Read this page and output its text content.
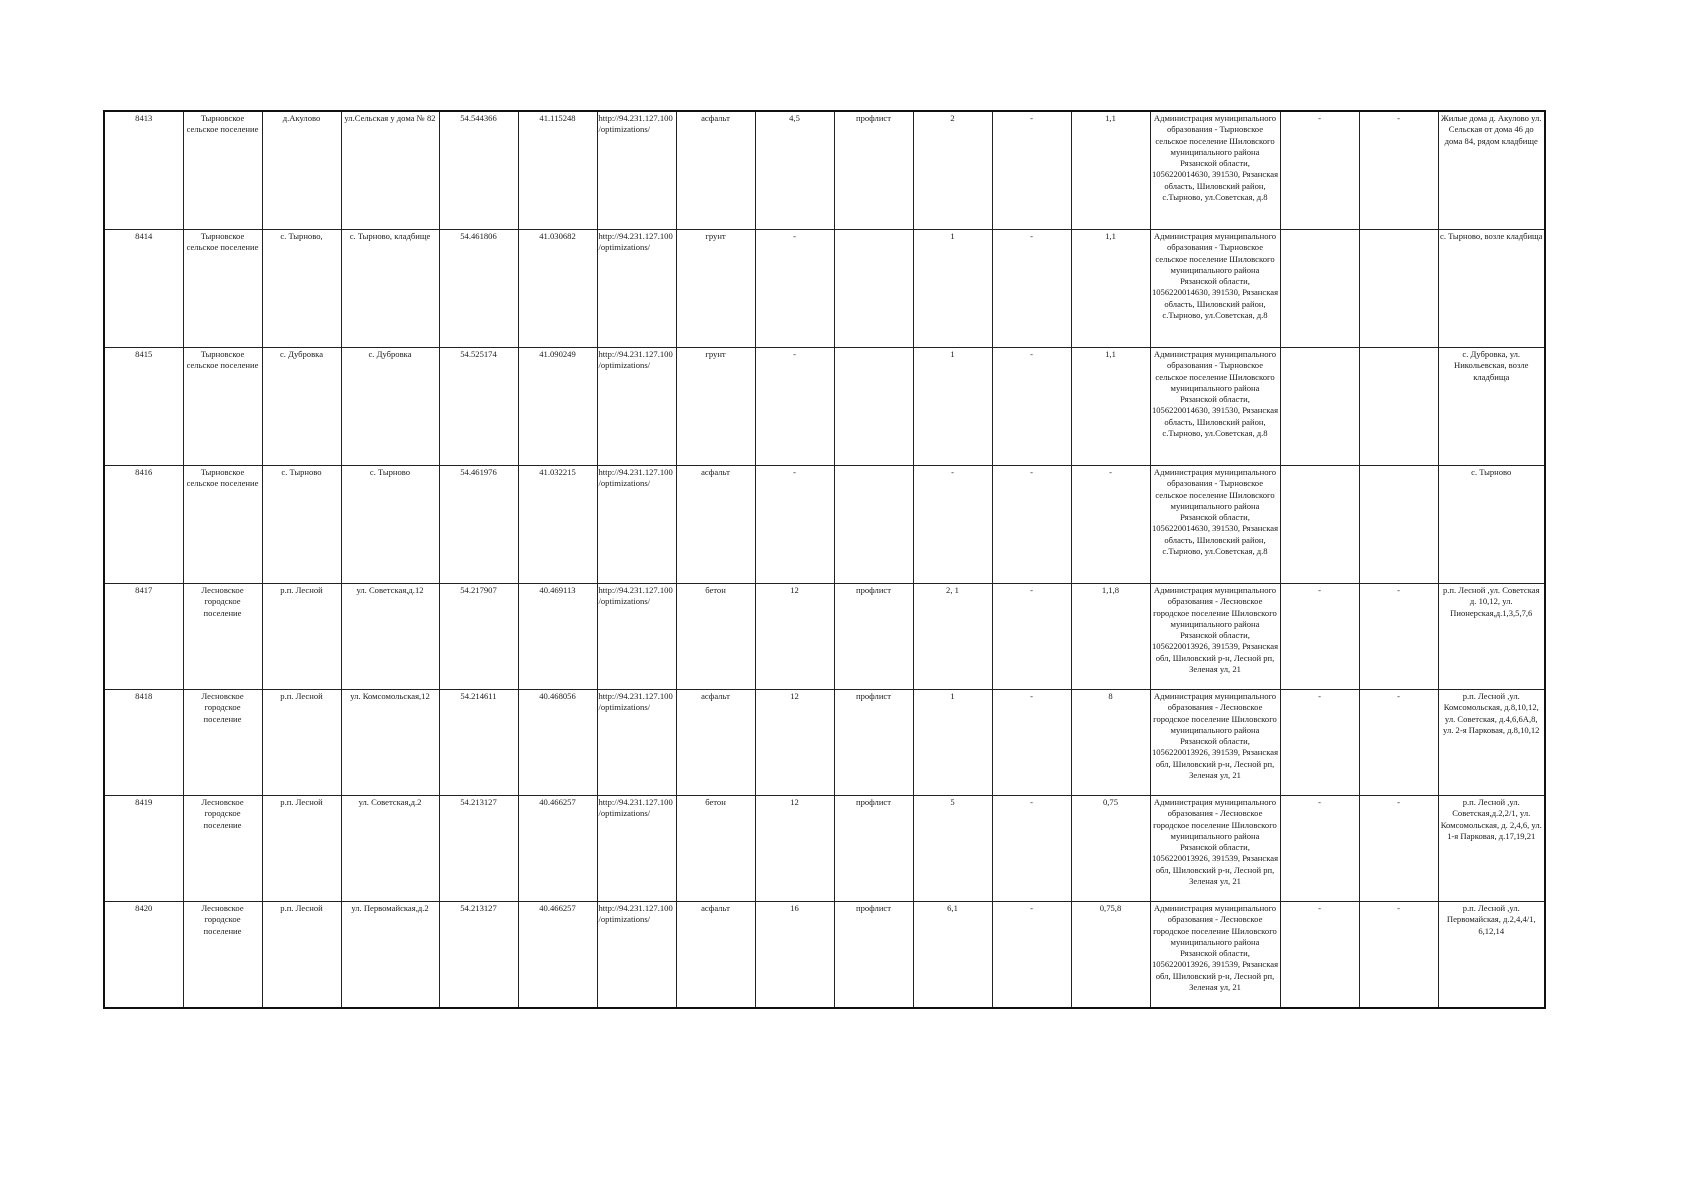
8413	Тырновское сельское поселение	д.Акулово	ул.Сельская у дома № 82	54.544366	41.115248	http://94.231.127.100/optimizations/	асфальт	4,5	профлист	2	-	1,1	Администрация муниципального образования - Тырновское сельское поселение Шиловского муниципального района Рязанской области, 1056220014630, 391530, Рязанская область, Шиловский район, с.Тырново, ул.Советская, д.8	-	-	Жилые дома д. Акулово ул. Сельская от дома 46 до дома 84, рядом кладбище
8414	Тырновское сельское поселение	с. Тырново,	с. Тырново, кладбище	54.461806	41.030682	http://94.231.127.100/optimizations/	грунт	-		1	-	1,1	Администрация муниципального образования - Тырновское сельское поселение Шиловского муниципального района Рязанской области, 1056220014630, 391530, Рязанская область, Шиловский район, с.Тырново, ул.Советская, д.8			с. Тырново, возле кладбища
8415	Тырновское сельское поселение	с. Дубровка	с. Дубровка	54.525174	41.090249	http://94.231.127.100/optimizations/	грунт	-		1	-	1,1	Администрация муниципального образования - Тырновское сельское поселение Шиловского муниципального района Рязанской области, 1056220014630, 391530, Рязанская область, Шиловский район, с.Тырново, ул.Советская, д.8			с. Дубровка, ул. Никольевская, возле кладбища
8416	Тырновское сельское поселение	с. Тырново	с. Тырново	54.461976	41.032215	http://94.231.127.100/optimizations/	асфальт	-		-	-	-	Администрация муниципального образования - Тырновское сельское поселение Шиловского муниципального района Рязанской области, 1056220014630, 391530, Рязанская область, Шиловский район, с.Тырново, ул.Советская, д.8			с. Тырново
8417	Лесновское городское поселение	р.п. Лесной	ул. Советская,д.12	54.217907	40.469113	http://94.231.127.100/optimizations/	бетон	12	профлист	2, 1	-	1,1,8	Администрация муниципального образования - Лесновское городское поселение Шиловского муниципального района Рязанской области, 1056220013926, 391539, Рязанская обл, Шиловский р-н, Лесной рп, Зеленая ул, 21	-	-	р.п. Лесной ,ул. Советская д. 10,12, ул. Пионерская,д.1,3,5,7,6
8418	Лесновское городское поселение	р.п. Лесной	ул. Комсомольская,12	54.214611	40.468056	http://94.231.127.100/optimizations/	асфальт	12	профлист	1	-	8	Администрация муниципального образования - Лесновское городское поселение Шиловского муниципального района Рязанской области, 1056220013926, 391539, Рязанская обл, Шиловский р-н, Лесной рп, Зеленая ул, 21	-	-	р.п. Лесной ,ул. Комсомольская, д.8,10,12, ул. Советская, д.4,6,6А,8, ул. 2-я Парковая, д.8,10,12
8419	Лесновское городское поселение	р.п. Лесной	ул. Советская,д.2	54.213127	40.466257	http://94.231.127.100/optimizations/	бетон	12	профлист	5	-	0,75	Администрация муниципального образования - Лесновское городское поселение Шиловского муниципального района Рязанской области, 1056220013926, 391539, Рязанская обл, Шиловский р-н, Лесной рп, Зеленая ул, 21	-	-	р.п. Лесной ,ул. Советская,д.2,2/1, ул. Комсомольская, д. 2,4,6, ул. 1-я Парковая, д.17,19,21
8420	Лесновское городское поселение	р.п. Лесной	ул. Первомайская,д.2	54.213127	40.466257	http://94.231.127.100/optimizations/	асфальт	16	профлист	6,1	-	0,75,8	Администрация муниципального образования - Лесновское городское поселение Шиловского муниципального района Рязанской области, 1056220013926, 391539, Рязанская обл, Шиловский р-н, Лесной рп, Зеленая ул, 21	-	-	р.п. Лесной ,ул. Первомайская, д.2,4,4/1, 6,12,14
